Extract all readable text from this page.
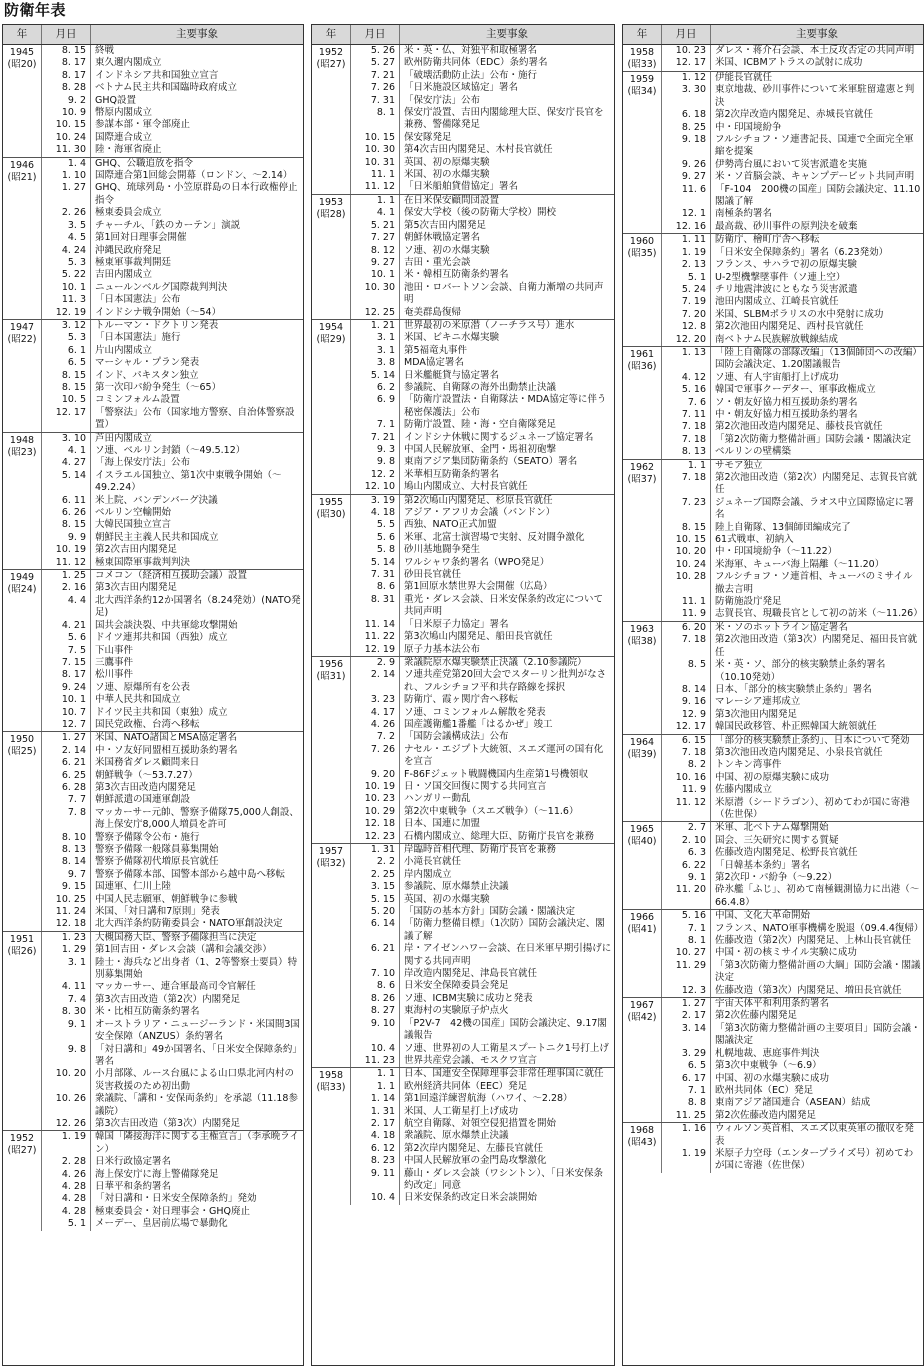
防衛年表
年	月日	主要事象
1945
(昭20)
8. 15 終戦
8. 17 東久邇内閣成立
8. 17 インドネシア共和国独立宣言
8. 28 ベトナム民主共和国臨時政府成立
9. 2 GHQ設置
10. 9 幣原内閣成立
10. 15 参謀本部・軍令部廃止
10. 24 国際連合成立
11. 30 陸・海軍省廃止
1946
(昭21)
1. 4 GHQ、公職追放を指令
1. 10 国際連合第1回総会開幕（ロンドン、～2.14）
1. 27 GHQ、琉球列島・小笠原群島の日本行政権停止指令
2. 26 極東委員会成立
3. 5 チャーチル、「鉄のカーテン」演説
4. 5 第1回対日理事会開催
4. 24 沖縄民政府発足
5. 3 極東軍事裁判開廷
5. 22 吉田内閣成立
10. 1 ニュールンベルグ国際裁判判決
11. 3 「日本国憲法」公布
12. 19 インドシナ戦争開始（～54）
1947
(昭22)
3. 12 トルーマン・ドクトリン発表
5. 3 「日本国憲法」施行
6. 1 片山内閣成立
6. 5 マーシャル・プラン発表
8. 15 インド、パキスタン独立
8. 15 第一次印パ紛争発生（～65）
10. 5 コミンフォルム設置
12. 17 「警察法」公布（国家地方警察、自治体警察設置）
1948
(昭23)
3. 10 芦田内閣成立
4. 1 ソ連、ベルリン封鎖（～49.5.12）
4. 27 「海上保安庁法」公布
5. 14 イスラエル国独立、第1次中東戦争開始（～49.2.24）
6. 11 米上院、バンデンバーグ決議
6. 26 ベルリン空輸開始
8. 15 大韓民国独立宣言
9. 9 朝鮮民主主義人民共和国成立
10. 19 第2次吉田内閣発足
11. 12 極東国際軍事裁判判決
1949
(昭24)
1. 25 コメコン（経済相互援助会議）設置
2. 16 第3次吉田内閣発足
4. 4 北大西洋条約12か国署名（8.24発効）(NATO発足)
4. 21 国共会談決裂、中共軍総攻撃開始
5. 6 ドイツ連邦共和国（西独）成立
7. 5 下山事件
7. 15 三鷹事件
8. 17 松川事件
9. 24 ソ連、原爆所有を公表
10. 1 中華人民共和国成立
10. 7 ドイツ民主共和国（東独）成立
12. 7 国民党政権、台湾へ移転
1950
(昭25)
1. 27 米国、NATO諸国とMSA協定署名
2. 14 中・ソ友好同盟相互援助条約署名
6. 21 米国務省ダレス顧問来日
6. 25 朝鮮戦争（～53.7.27）
6. 28 第3次吉田改造内閣発足
7. 7 朝鮮派遣の国連軍創設
7. 8 マッカーサー元帥、警察予備隊75,000人創設、海上保安庁8,000人増員を許可
8. 10 警察予備隊令公布・施行
8. 13 警察予備隊一般隊員募集開始
8. 14 警察予備隊初代増原長官就任
9. 7 警察予備隊本部、国警本部から越中島へ移転
9. 15 国連軍、仁川上陸
10. 25 中国人民志願軍、朝鮮戦争に参戦
11. 24 米国、「対日講和7原則」発表
12. 18 北大西洋条約防衛委員会・NATO軍創設決定
1951
(昭26)
1. 23 大槻国務大臣、警察予備隊担当に決定
1. 29 第1回吉田・ダレス会談（講和会議交渉）
3. 1 陸士・海兵など出身者（1、2等警察士要員）特別募集開始
4. 11 マッカーサー、連合軍最高司令官解任
7. 4 第3次吉田改造（第2次）内閣発足
8. 30 米・比相互防衛条約署名
9. 1 オーストラリア・ニュージーランド・米国間3国安全保障（ANZUS）条約署名
9. 8 「対日講和」49か国署名、「日米安全保障条約」署名
10. 20 小月部隊、ルース台風による山口県北河内村の災害救援のため初出動
10. 26 衆議院、「講和・安保両条約」を承認（11.18参議院）
12. 26 第3次吉田改造（第3次）内閣発足
1952
(昭27)
1. 19 韓国「隣接海洋に関する主権宣言」（李承晩ライン）
2. 28 日米行政協定署名
4. 26 海上保安庁に海上警備隊発足
4. 28 日華平和条約署名
4. 28 「対日講和・日米安全保障条約」発効
4. 28 極東委員会・対日理事会・GHQ廃止
5. 1 メーデー、皇居前広場で暴動化
年	月日	主要事象
1952
(昭27)
5. 26 米・英・仏、対独平和取極署名
5. 27 欧州防衛共同体（EDC）条約署名
7. 21 「破壊活動防止法」公布・施行
7. 26 「日米施設区域協定」署名
7. 31 「保安庁法」公布
8. 1 保安庁設置、吉田内閣総理大臣、保安庁長官を兼務、警備隊発足
10. 15 保安隊発足
10. 30 第4次吉田内閣発足、木村長官就任
10. 31 英国、初の原爆実験
11. 1 米国、初の水爆実験
11. 12 「日米船舶貸借協定」署名
1953
(昭28)
1. 1 在日米保安顧問団設置
4. 1 保安大学校（後の防衛大学校）開校
5. 21 第5次吉田内閣発足
7. 27 朝鮮休戦協定署名
8. 12 ソ連、初の水爆実験
9. 27 吉田・重光会談
10. 1 米・韓相互防衛条約署名
10. 30 池田・ロバートソン会談、自衛力漸増の共同声明
12. 25 奄美群島復帰
1954
(昭29)
1. 21 世界最初の米原潜（ノーチラス号）進水
3. 1 米国、ビキニ水爆実験
3. 1 第5福竜丸事件
3. 8 MDA協定署名
5. 14 日米艦艇貸与協定署名
6. 2 参議院、自衛隊の海外出動禁止決議
6. 9 「防衛庁設置法・自衛隊法・MDA協定等に伴う秘密保護法」公布
7. 1 防衛庁設置、陸・海・空自衛隊発足
7. 21 インドシナ休戦に関するジュネーブ協定署名
9. 3 中国人民解放軍、金門・馬祖初砲撃
9. 8 東南アジア集団防衛条約（SEATO）署名
12. 2 米華相互防衛条約署名
12. 10 鳩山内閣成立、大村長官就任
1955
(昭30)
3. 19 第2次鳩山内閣発足、杉原長官就任
4. 18 アジア・アフリカ会議（バンドン）
5. 5 西独、NATO正式加盟
5. 6 米軍、北富士演習場で実射、反対闘争激化
5. 8 砂川基地闘争発生
5. 14 ワルシャワ条約署名（WPO発足）
7. 31 砂田長官就任
8. 6 第1回原水禁世界大会開催（広島）
8. 31 重光・ダレス会談、日米安保条約改定について共同声明
11. 14 「日米原子力協定」署名
11. 22 第3次鳩山内閣発足、船田長官就任
12. 19 原子力基本法公布
1956
(昭31)
2. 9 衆議院原水爆実験禁止決議（2.10参議院）
2. 14 ソ連共産党第20回大会でスターリン批判がなされ、フルシチョフ平和共存路線を採択
3. 23 防衛庁、霞ヶ関庁舎へ移転
4. 17 ソ連、コミンフォルム解散を発表
4. 26 国産護衛艦1番艦「はるかぜ」竣工
7. 2 「国防会議構成法」公布
7. 26 ナセル・エジプト大統領、スエズ運河の国有化を宣言
9. 20 F-86Fジェット戦闘機国内生産第1号機領収
10. 19 日・ソ国交回復に関する共同宣言
10. 23 ハンガリー動乱
10. 29 第2次中東戦争（スエズ戦争）（～11.6）
12. 18 日本、国連に加盟
12. 23 石橋内閣成立、総理大臣、防衛庁長官を兼務
1957
(昭32)
1. 31 岸臨時首相代理、防衛庁長官を兼務
2. 2 小滝長官就任
2. 25 岸内閣成立
3. 15 参議院、原水爆禁止決議
5. 15 英国、初の水爆実験
5. 20 「国防の基本方針」国防会議・閣議決定
6. 14 「防衛力整備目標」（1次防）国防会議決定、閣議了解
6. 21 岸・アイゼンハワー会談、在日米軍早期引揚げに関する共同声明
7. 10 岸改造内閣発足、津島長官就任
8. 6 日米安全保障委員会発足
8. 26 ソ連、ICBM実験に成功と発表
8. 27 東海村の実験原子炉点火
9. 10 「P2V-7　42機の国産」国防会議決定、9.17閣議報告
10. 4 ソ連、世界初の人工衛星スプートニク1号打上げ
11. 23 世界共産党会議、モスクワ宣言
1958
(昭33)
1. 1 日本、国連安全保障理事会非常任理事国に就任
1. 1 欧州経済共同体（EEC）発足
1. 14 第1回遠洋練習航海（ハワイ、～2.28）
1. 31 米国、人工衛星打上げ成功
2. 17 航空自衛隊、対領空侵犯措置を開始
4. 18 衆議院、原水爆禁止決議
6. 12 第2次岸内閣発足、左藤長官就任
8. 23 中国人民解放軍の金門島攻撃激化
9. 11 藤山・ダレス会談（ワシントン）、「日米安保条約改定」同意
10. 4 日米安保条約改定日米会談開始
年	月日	主要事象
1958
(昭33)
10. 23 ダレス・蒋介石会談、本土反攻否定の共同声明
12. 17 米国、ICBMアトラスの試射に成功
1959
(昭34)
1. 12 伊能長官就任
3. 30 東京地裁、砂川事件について米軍駐留違憲と判決
6. 18 第2次岸改造内閣発足、赤城長官就任
8. 25 中・印国境紛争
9. 18 フルシチョフ・ソ連書記長、国連で全面完全軍縮を提案
9. 26 伊勢湾台風において災害派遣を実施
9. 27 米・ソ首脳会談、キャンプデービット共同声明
11. 6 「F-104　200機の国産」国防会議決定、11.10閣議了解
12. 1 南極条約署名
12. 16 最高裁、砂川事件の原判決を破棄
1960
(昭35)
1. 11 防衛庁、檜町庁舎へ移転
1. 19 「日米安全保障条約」署名（6.23発効）
2. 13 フランス、サハラで初の原爆実験
5. 1 U-2型機撃墜事件（ソ連上空）
5. 24 チリ地震津波にともなう災害派遣
7. 19 池田内閣成立、江崎長官就任
7. 20 米国、SLBMポラリスの水中発射に成功
12. 8 第2次池田内閣発足、西村長官就任
12. 20 南ベトナム民族解放戦線結成
1961
(昭36)
1. 13 「陸上自衛隊の部隊改編」（13個師団への改編）国防会議決定、1.20閣議報告
4. 12 ソ連、有人宇宙船打上げ成功
5. 16 韓国で軍事クーデター、軍事政権成立
7. 6 ソ・朝友好協力相互援助条約署名
7. 11 中・朝友好協力相互援助条約署名
7. 18 第2次池田改造内閣発足、藤枝長官就任
7. 18 「第2次防衛力整備計画」国防会議・閣議決定
8. 13 ベルリンの壁構築
1962
(昭37)
1. 1 サモア独立
7. 18 第2次池田改造（第2次）内閣発足、志賀長官就任
7. 23 ジュネーブ国際会議、ラオス中立国際協定に署名
8. 15 陸上自衛隊、13個師団編成完了
10. 15 61式戦車、初納入
10. 20 中・印国境紛争（～11.22）
10. 24 米海軍、キューバ海上隔離（～11.20）
10. 28 フルシチョフ・ソ連首相、キューバのミサイル撤去言明
11. 1 防衛施設庁発足
11. 9 志賀長官、現職長官として初の訪米（～11.26）
1963
(昭38)
6. 20 米・ソのホットライン協定署名
7. 18 第2次池田改造（第3次）内閣発足、福田長官就任
8. 5 米・英・ソ、部分的核実験禁止条約署名（10.10発効）
8. 14 日本、「部分的核実験禁止条約」署名
9. 16 マレーシア連邦成立
12. 9 第3次池田内閣発足
12. 17 韓国民政移管、朴正熙韓国大統領就任
1964
(昭39)
6. 15 「部分的核実験禁止条約」、日本について発効
7. 18 第3次池田改造内閣発足、小泉長官就任
8. 2 トンキン湾事件
10. 16 中国、初の原爆実験に成功
11. 9 佐藤内閣成立
11. 12 米原潜（シードラゴン）、初めてわが国に寄港（佐世保）
1965
(昭40)
2. 7 米軍、北ベトナム爆撃開始
2. 10 国会、三矢研究に関する質疑
6. 3 佐藤改造内閣発足、松野長官就任
6. 22 「日韓基本条約」署名
9. 1 第2次印・パ紛争（～9.22）
11. 20 砕氷艦「ふじ」、初めて南極観測協力に出港（～66.4.8）
1966
(昭41)
5. 16 中国、文化大革命開始
7. 1 フランス、NATO軍事機構を脱退（09.4.4復帰）
8. 1 佐藤改造（第2次）内閣発足、上林山長官就任
10. 27 中国・初の核ミサイル実験に成功
11. 29 「第3次防衛力整備計画の大綱」国防会議・閣議決定
12. 3 佐藤改造（第3次）内閣発足、増田長官就任
1967
(昭42)
1. 27 宇宙天体平和利用条約署名
2. 17 第2次佐藤内閣発足
3. 14 「第3次防衛力整備計画の主要項目」国防会議・閣議決定
3. 29 札幌地裁、恵庭事件判決
6. 5 第3次中東戦争（～6.9）
6. 17 中国、初の水爆実験に成功
7. 1 欧州共同体（EC）発足
8. 8 東南アジア諸国連合（ASEAN）結成
11. 25 第2次佐藤改造内閣発足
1968
(昭43)
1. 16 ウィルソン英首相、スエズ以東英軍の撤収を発表
1. 19 米原子力空母（エンタープライズ号）初めてわが国に寄港（佐世保）
